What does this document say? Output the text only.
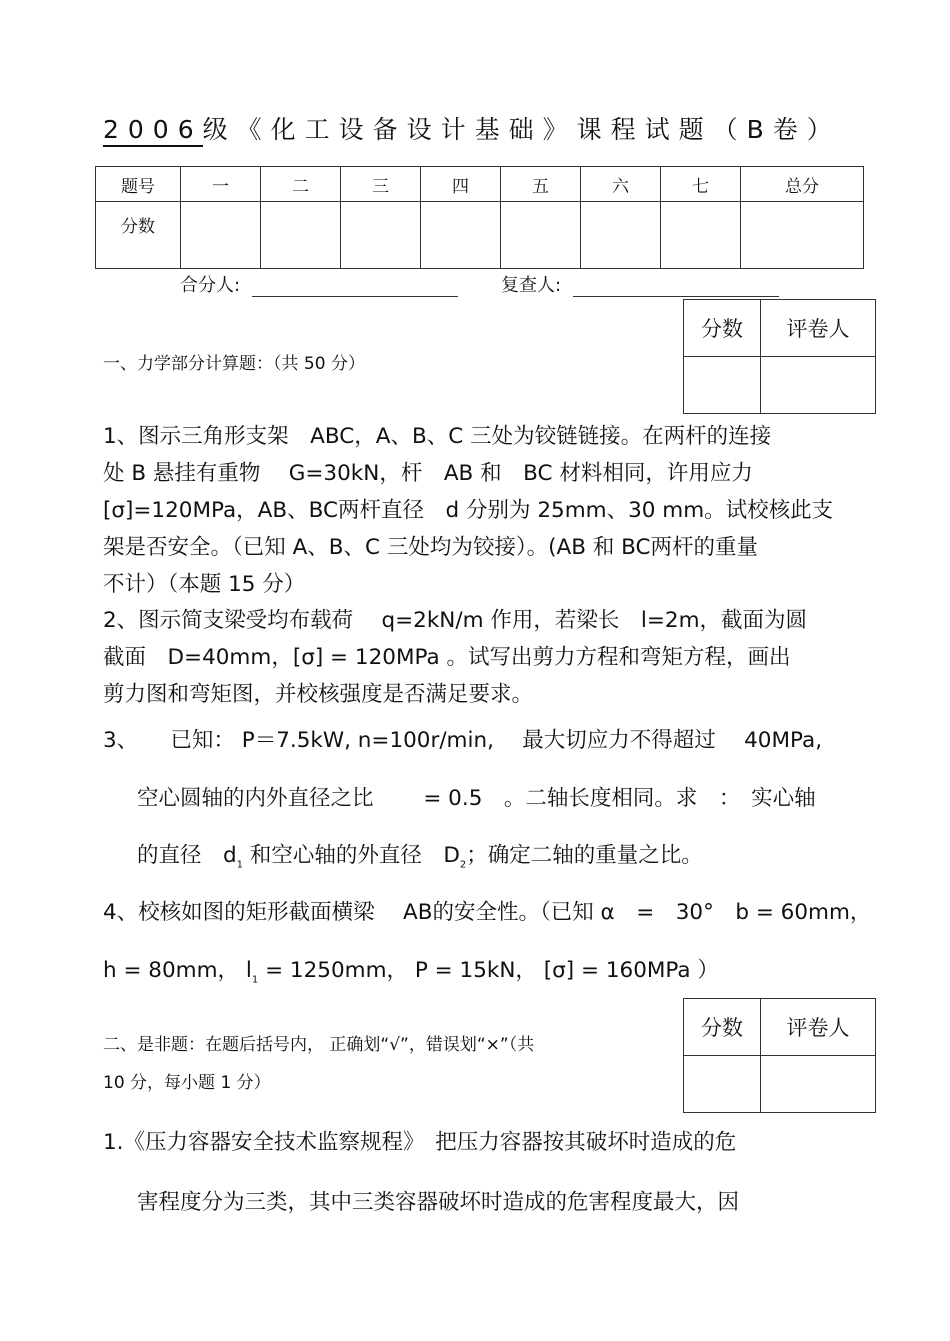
2006级《化工设备设计基础》课程试题（B卷）
题号	一	二	三	四	五	六	七	总分
分数								
合分人:	复查人:
分数	评卷人

一、力学部分计算题：（共 50 分）
1、图示三角形支架　ABC，A、B、C 三处为铰链链接。在两杆的连接
处 B 悬挂有重物　 G=30kN，杆　AB 和　BC 材料相同，许用应力
[σ]=120MPa，AB、BC两杆直径　d 分别为 25mm、30 mm。试校核此支
架是否安全。（已知 A、B、C 三处均为铰接）。(AB 和 BC两杆的重量
不计）（本题 15 分）
2、图示简支梁受均布载荷　 q=2kN/m 作用，若梁长　l=2m，截面为圆
截面　D=40mm，[σ] = 120MPa 。试写出剪力方程和弯矩方程，画出
剪力图和弯矩图，并校核强度是否满足要求。
3、　　已知： P＝7.5kW, n=100r/min,　 最大切应力不得超过　 40MPa,
空心圆轴的内外直径之比　　 = 0.5　。二轴长度相同。求　：　实心轴
的直径　$d_1$ 和空心轴的外直径　$D_2$；确定二轴的重量之比。
4、校核如图的矩形截面横梁　 AB的安全性。（已知 α　=　30°　b = 60mm，
h = 80mm， $l_1 = 1250mm$， P = 15kN， [σ] = 160MPa ）
分数	评卷人

二、是非题：在题后括号内， 正确划“√”，错误划“×”（共
10 分，每小题 1 分）
1.《压力容器安全技术监察规程》　把压力容器按其破坏时造成的危
害程度分为三类，其中三类容器破坏时造成的危害程度最大，因
